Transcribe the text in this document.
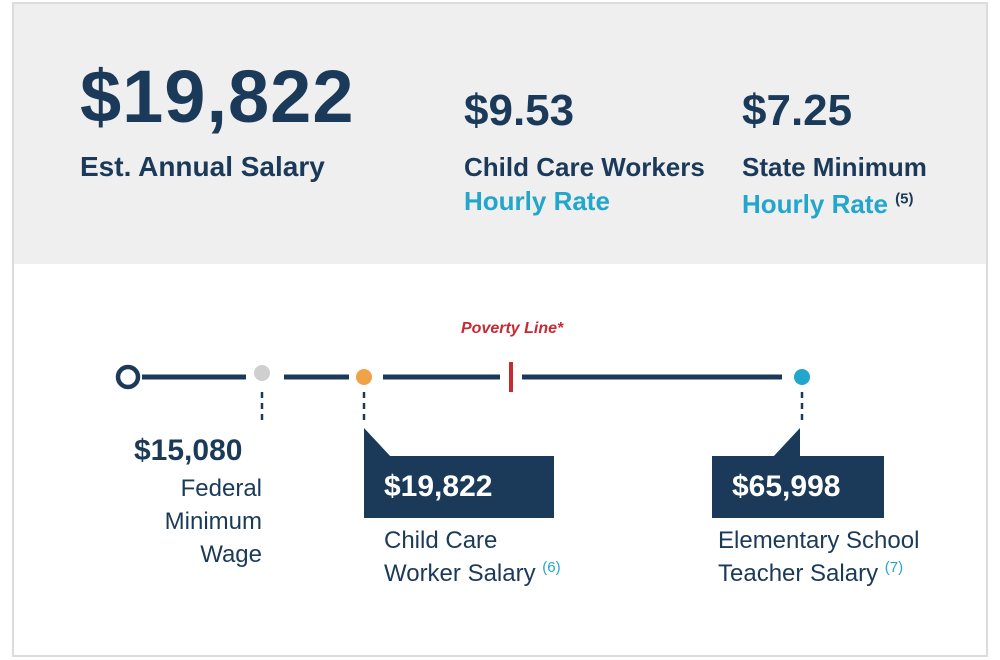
$19,822
Est. Annual Salary
$9.53
Child Care Workers
Hourly Rate
$7.25
State Minimum
Hourly Rate $^{(5)}$
Poverty Line*
$15,080
Federal
Minimum
Wage
$19,822
Child Care
Worker Salary $^{(6)}$
$65,998
Elementary School
Teacher Salary $^{(7)}$
